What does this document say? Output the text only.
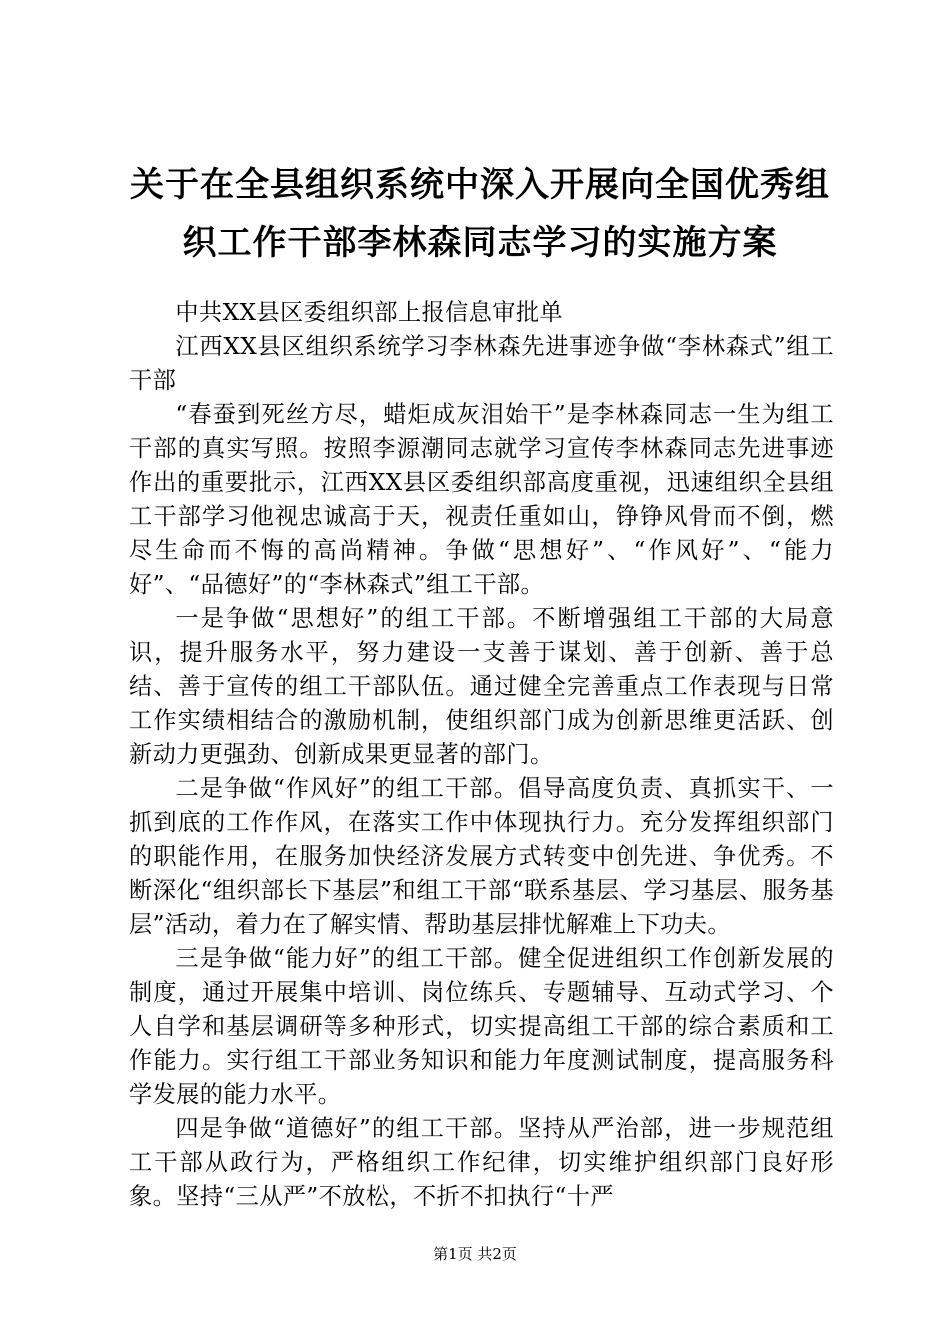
关于在全县组织系统中深入开展向全国优秀组
织工作干部李林森同志学习的实施方案

中共XX县区委组织部上报信息审批单

江西XX县区组织系统学习李林森先进事迹争做“李林森式”组工干部

“春蚕到死丝方尽，蜡炬成灰泪始干”是李林森同志一生为组工干部的真实写照。按照李源潮同志就学习宣传李林森同志先进事迹作出的重要批示，江西XX县区委组织部高度重视，迅速组织全县组工干部学习他视忠诚高于天，视责任重如山，铮铮风骨而不倒，燃尽生命而不悔的高尚精神。争做“思想好”、“作风好”、“能力好”、“品德好”的“李林森式”组工干部。

一是争做“思想好”的组工干部。不断增强组工干部的大局意识，提升服务水平，努力建设一支善于谋划、善于创新、善于总结、善于宣传的组工干部队伍。通过健全完善重点工作表现与日常工作实绩相结合的激励机制，使组织部门成为创新思维更活跃、创新动力更强劲、创新成果更显著的部门。

二是争做“作风好”的组工干部。倡导高度负责、真抓实干、一抓到底的工作作风，在落实工作中体现执行力。充分发挥组织部门的职能作用，在服务加快经济发展方式转变中创先进、争优秀。不断深化“组织部长下基层”和组工干部“联系基层、学习基层、服务基层”活动，着力在了解实情、帮助基层排忧解难上下功夫。

三是争做“能力好”的组工干部。健全促进组织工作创新发展的制度，通过开展集中培训、岗位练兵、专题辅导、互动式学习、个人自学和基层调研等多种形式，切实提高组工干部的综合素质和工作能力。实行组工干部业务知识和能力年度测试制度，提高服务科学发展的能力水平。

四是争做“道德好”的组工干部。坚持从严治部，进一步规范组工干部从政行为，严格组织工作纪律，切实维护组织部门良好形象。坚持“三从严”不放松，不折不扣执行“十严

第1页 共2页
